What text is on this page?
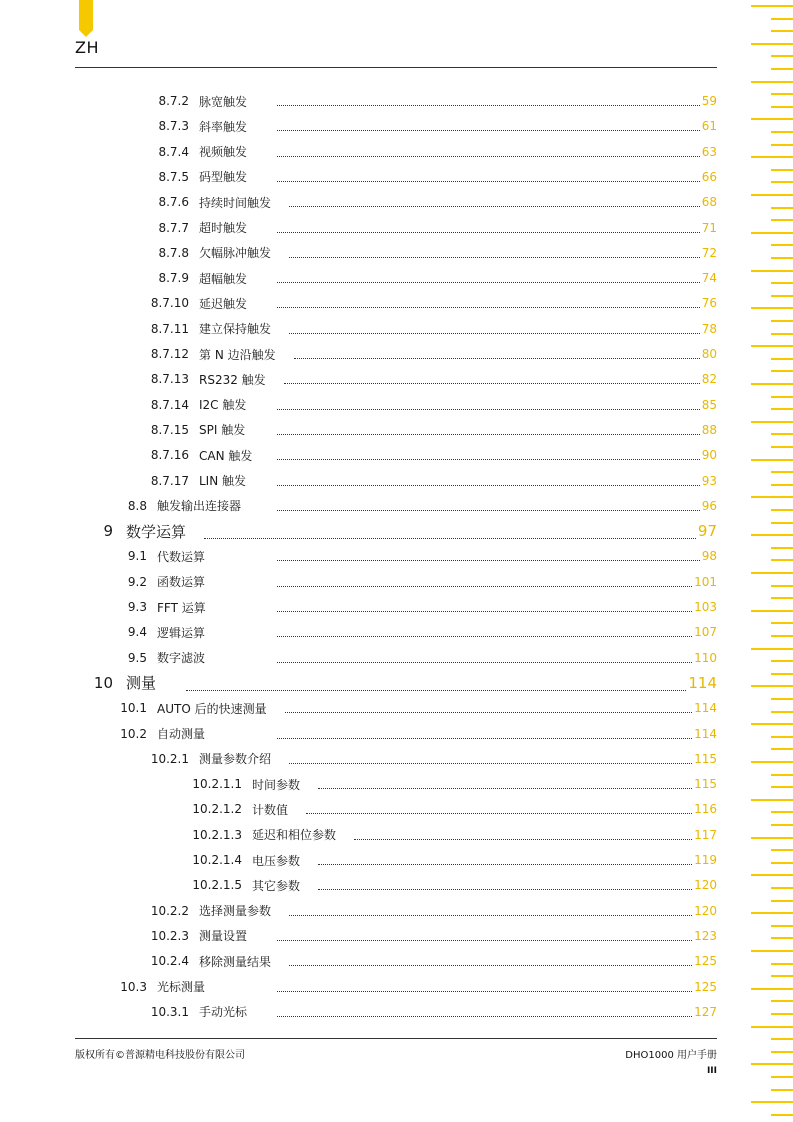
ZH
8.7.2 脉宽触发	59
8.7.3 斜率触发	61
8.7.4 视频触发	63
8.7.5 码型触发	66
8.7.6 持续时间触发	68
8.7.7 超时触发	71
8.7.8 欠幅脉冲触发	72
8.7.9 超幅触发	74
8.7.10 延迟触发	76
8.7.11 建立保持触发	78
8.7.12 第 N 边沿触发	80
8.7.13 RS232 触发	82
8.7.14 I2C 触发	85
8.7.15 SPI 触发	88
8.7.16 CAN 触发	90
8.7.17 LIN 触发	93
8.8 触发输出连接器	96
9 数学运算	97
9.1 代数运算	98
9.2 函数运算	101
9.3 FFT 运算	103
9.4 逻辑运算	107
9.5 数字滤波	110
10 测量	114
10.1 AUTO 后的快速测量	114
10.2 自动测量	114
10.2.1 测量参数介绍	115
10.2.1.1 时间参数	115
10.2.1.2 计数值	116
10.2.1.3 延迟和相位参数	117
10.2.1.4 电压参数	119
10.2.1.5 其它参数	120
10.2.2 选择测量参数	120
10.2.3 测量设置	123
10.2.4 移除测量结果	125
10.3 光标测量	125
10.3.1 手动光标	127
版权所有©普源精电科技股份有限公司	DHO1000 用户手册
III
